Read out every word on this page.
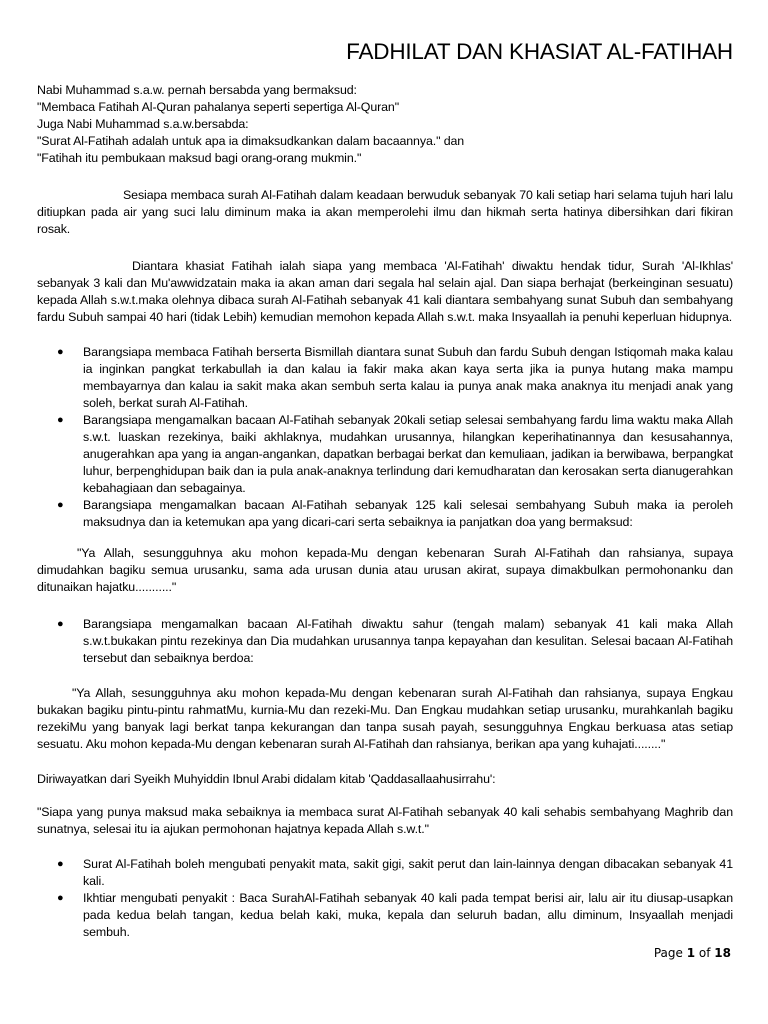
FADHILAT DAN KHASIAT AL-FATIHAH

Nabi Muhammad s.a.w. pernah bersabda yang bermaksud:

"Membaca Fatihah Al-Quran pahalanya seperti sepertiga Al-Quran"

Juga Nabi Muhammad s.a.w.bersabda:

"Surat Al-Fatihah adalah untuk apa ia dimaksudkankan dalam bacaannya." dan

"Fatihah itu pembukaan maksud bagi orang-orang mukmin."

Sesiapa membaca surah Al-Fatihah dalam keadaan berwuduk sebanyak 70 kali setiap hari selama tujuh hari lalu ditiupkan pada air yang suci lalu diminum maka ia akan memperolehi ilmu dan hikmah serta hatinya dibersihkan dari fikiran rosak.

Diantara khasiat Fatihah ialah siapa yang membaca 'Al-Fatihah' diwaktu hendak tidur, Surah 'Al-Ikhlas' sebanyak 3 kali dan Mu'awwidzatain maka ia akan aman dari segala hal selain ajal. Dan siapa berhajat (berkeinginan sesuatu) kepada Allah s.w.t.maka olehnya dibaca surah Al-Fatihah sebanyak 41 kali diantara sembahyang sunat Subuh dan sembahyang fardu Subuh sampai 40 hari (tidak Lebih) kemudian memohon kepada Allah s.w.t. maka Insyaallah ia penuhi keperluan hidupnya.

● Barangsiapa membaca Fatihah berserta Bismillah diantara sunat Subuh dan fardu Subuh dengan Istiqomah maka kalau ia inginkan pangkat terkabullah ia dan kalau ia fakir maka akan kaya serta jika ia punya hutang maka mampu membayarnya dan kalau ia sakit maka akan sembuh serta kalau ia punya anak maka anaknya itu menjadi anak yang soleh, berkat surah Al-Fatihah.
● Barangsiapa mengamalkan bacaan Al-Fatihah sebanyak 20kali setiap selesai sembahyang fardu lima waktu maka Allah s.w.t. luaskan rezekinya, baiki akhlaknya, mudahkan urusannya, hilangkan keperihatinannya dan kesusahannya, anugerahkan apa yang ia angan-angankan, dapatkan berbagai berkat dan kemuliaan, jadikan ia berwibawa, berpangkat luhur, berpenghidupan baik dan ia pula anak-anaknya terlindung dari kemudharatan dan kerosakan serta dianugerahkan kebahagiaan dan sebagainya.
● Barangsiapa mengamalkan bacaan Al-Fatihah sebanyak 125 kali selesai sembahyang Subuh maka ia peroleh maksudnya dan ia ketemukan apa yang dicari-cari serta sebaiknya ia panjatkan doa yang bermaksud:

"Ya Allah, sesungguhnya aku mohon kepada-Mu dengan kebenaran Surah Al-Fatihah dan rahsianya, supaya dimudahkan bagiku semua urusanku, sama ada urusan dunia atau urusan akirat, supaya dimakbulkan permohonanku dan ditunaikan hajatku..........."

● Barangsiapa mengamalkan bacaan Al-Fatihah diwaktu sahur (tengah malam) sebanyak 41 kali maka Allah s.w.t.bukakan pintu rezekinya dan Dia mudahkan urusannya tanpa kepayahan dan kesulitan. Selesai bacaan Al-Fatihah tersebut dan sebaiknya berdoa:

"Ya Allah, sesungguhnya aku mohon kepada-Mu dengan kebenaran surah Al-Fatihah dan rahsianya, supaya Engkau bukakan bagiku pintu-pintu rahmatMu, kurnia-Mu dan rezeki-Mu. Dan Engkau mudahkan setiap urusanku, murahkanlah bagiku rezekiMu yang banyak lagi berkat tanpa kekurangan dan tanpa susah payah, sesungguhnya Engkau berkuasa atas setiap sesuatu. Aku mohon kepada-Mu dengan kebenaran surah Al-Fatihah dan rahsianya, berikan apa yang kuhajati........"

Diriwayatkan dari Syeikh Muhyiddin Ibnul Arabi didalam kitab 'Qaddasallaahusirrahu':

"Siapa yang punya maksud maka sebaiknya ia membaca surat Al-Fatihah sebanyak 40 kali sehabis sembahyang Maghrib dan sunatnya, selesai itu ia ajukan permohonan hajatnya kepada Allah s.w.t."

● Surat Al-Fatihah boleh mengubati penyakit mata, sakit gigi, sakit perut dan lain-lainnya dengan dibacakan sebanyak 41 kali.
● Ikhtiar mengubati penyakit : Baca SurahAl-Fatihah sebanyak 40 kali pada tempat berisi air, lalu air itu diusap-usapkan pada kedua belah tangan, kedua belah kaki, muka, kepala dan seluruh badan, allu diminum, Insyaallah menjadi sembuh.
Page 1 of 18
